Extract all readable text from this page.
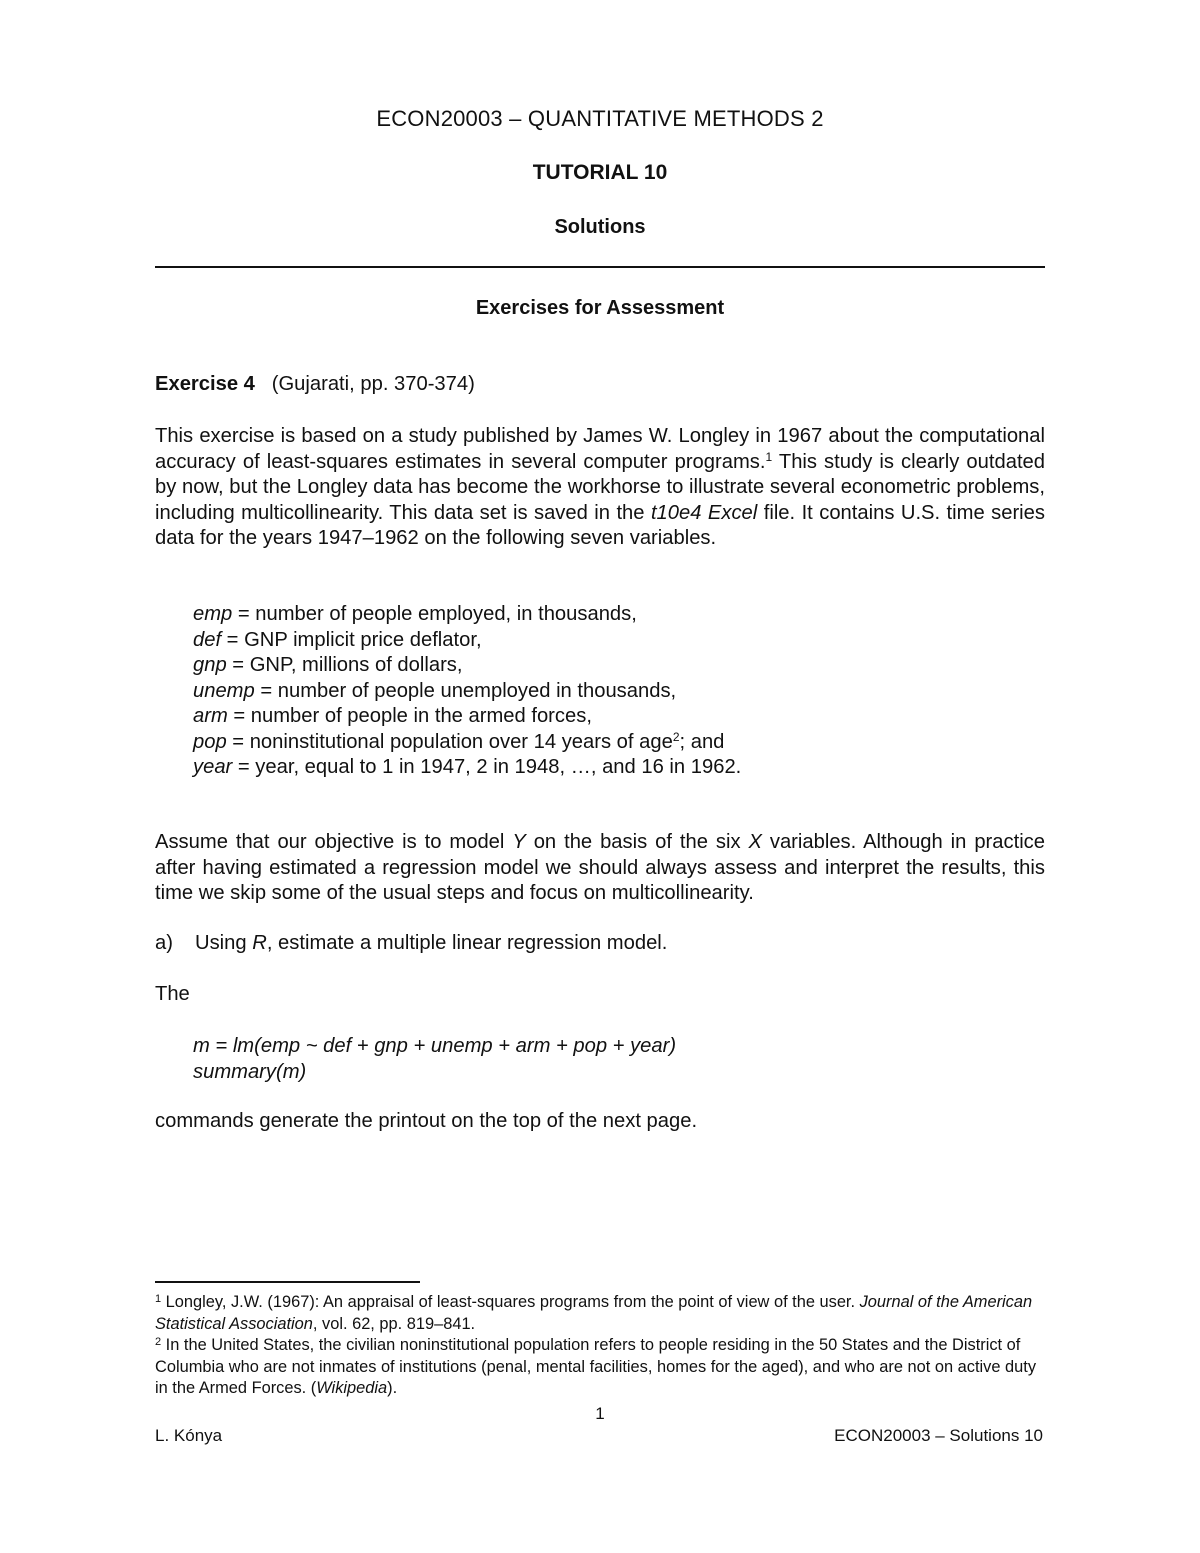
ECON20003 – QUANTITATIVE METHODS 2
TUTORIAL 10
Solutions
Exercises for Assessment
Exercise 4 (Gujarati, pp. 370-374)
This exercise is based on a study published by James W. Longley in 1967 about the computational accuracy of least-squares estimates in several computer programs.$^1$ This study is clearly outdated by now, but the Longley data has become the workhorse to illustrate several econometric problems, including multicollinearity. This data set is saved in the t10e4 Excel file. It contains U.S. time series data for the years 1947–1962 on the following seven variables.
emp = number of people employed, in thousands,
def = GNP implicit price deflator,
gnp = GNP, millions of dollars,
unemp = number of people unemployed in thousands,
arm = number of people in the armed forces,
pop = noninstitutional population over 14 years of age$^2$; and
year = year, equal to 1 in 1947, 2 in 1948, …, and 16 in 1962.
Assume that our objective is to model Y on the basis of the six X variables. Although in practice after having estimated a regression model we should always assess and interpret the results, this time we skip some of the usual steps and focus on multicollinearity.
a) Using R, estimate a multiple linear regression model.
The
m = lm(emp ~ def + gnp + unemp + arm + pop + year)
summary(m)
commands generate the printout on the top of the next page.
$^1$ Longley, J.W. (1967): An appraisal of least-squares programs from the point of view of the user. Journal of the American Statistical Association, vol. 62, pp. 819–841.
$^2$ In the United States, the civilian noninstitutional population refers to people residing in the 50 States and the District of Columbia who are not inmates of institutions (penal, mental facilities, homes for the aged), and who are not on active duty in the Armed Forces. (Wikipedia).
1
L. Kónya	ECON20003 – Solutions 10
